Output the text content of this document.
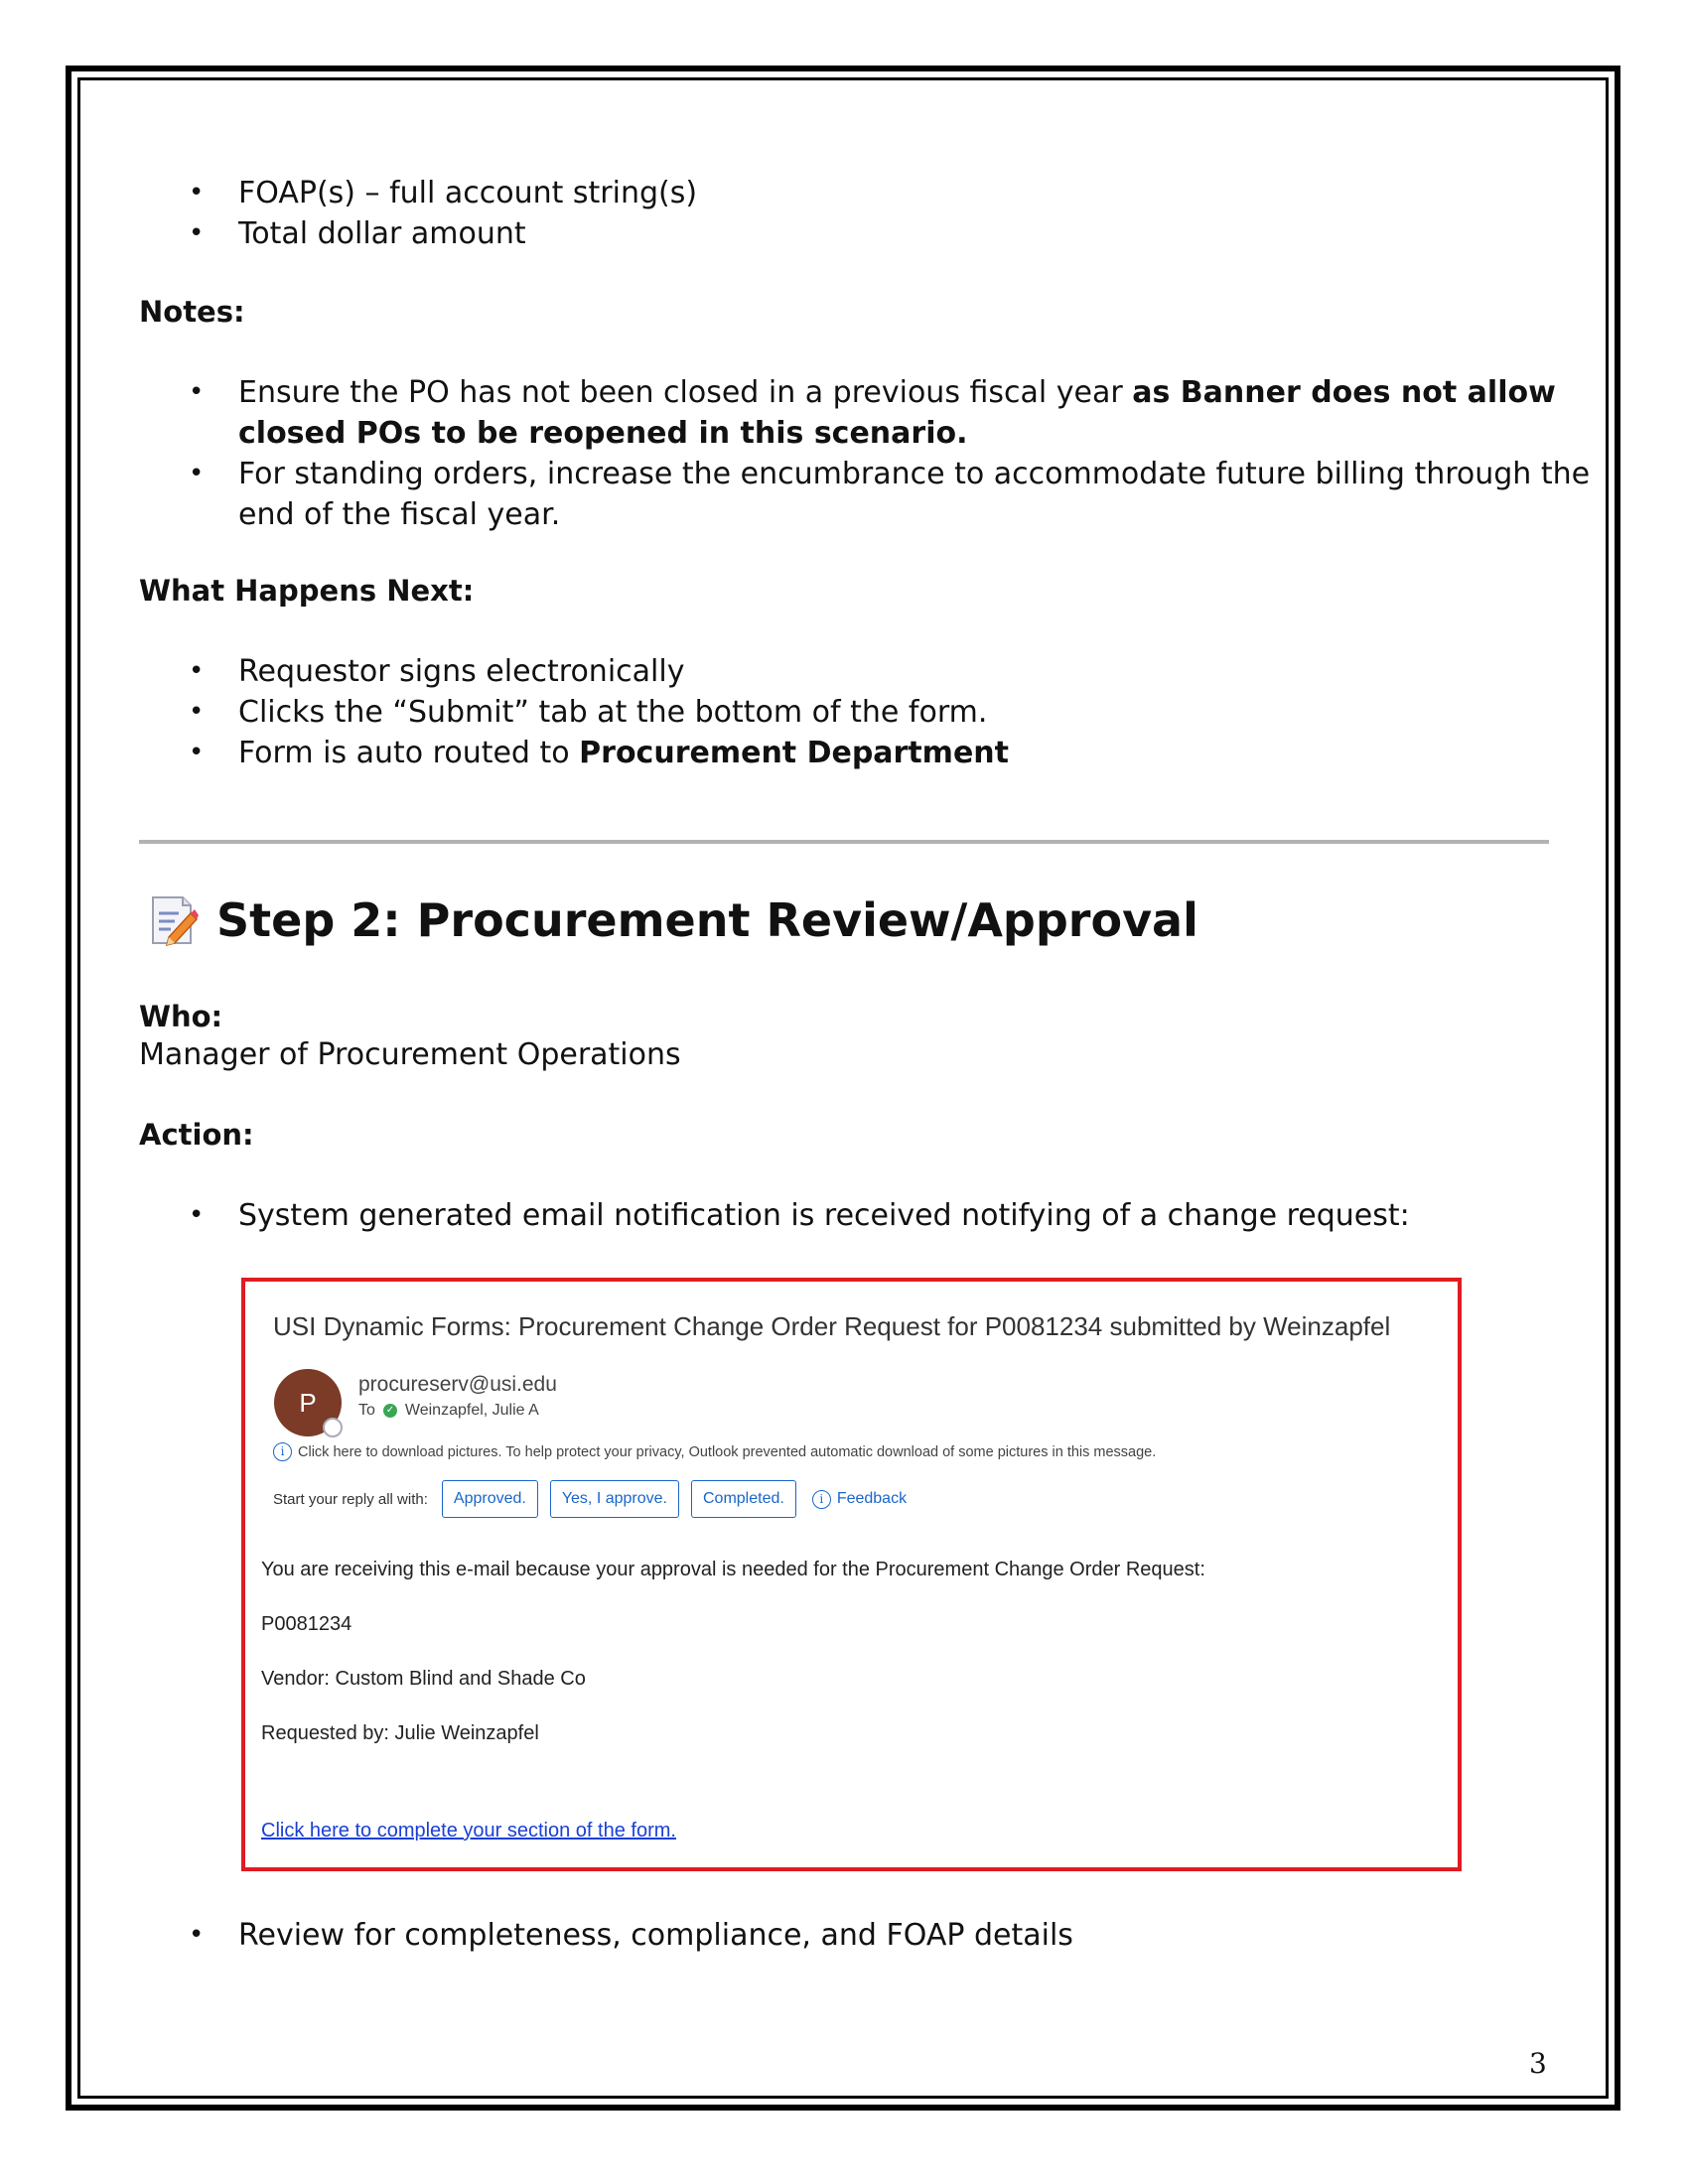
• FOAP(s) – full account string(s)
• Total dollar amount
Notes:
• Ensure the PO has not been closed in a previous fiscal year as Banner does not allow
closed POs to be reopened in this scenario.
• For standing orders, increase the encumbrance to accommodate future billing through the
end of the fiscal year.
What Happens Next:
• Requestor signs electronically
• Clicks the “Submit” tab at the bottom of the form.
• Form is auto routed to Procurement Department
Step 2: Procurement Review/Approval
Who:
Manager of Procurement Operations
Action:
• System generated email notification is received notifying of a change request:
USI Dynamic Forms: Procurement Change Order Request for P0081234 submitted by Weinzapfel
P
procureserv@usi.edu
To ✓ Weinzapfel, Julie A
i Click here to download pictures. To help protect your privacy, Outlook prevented automatic download of some pictures in this message.
Start your reply all with:	Approved.	Yes, I approve.	Completed.	i Feedback
You are receiving this e-mail because your approval is needed for the Procurement Change Order Request:
P0081234
Vendor: Custom Blind and Shade Co
Requested by: Julie Weinzapfel
Click here to complete your section of the form.
• Review for completeness, compliance, and FOAP details
3
